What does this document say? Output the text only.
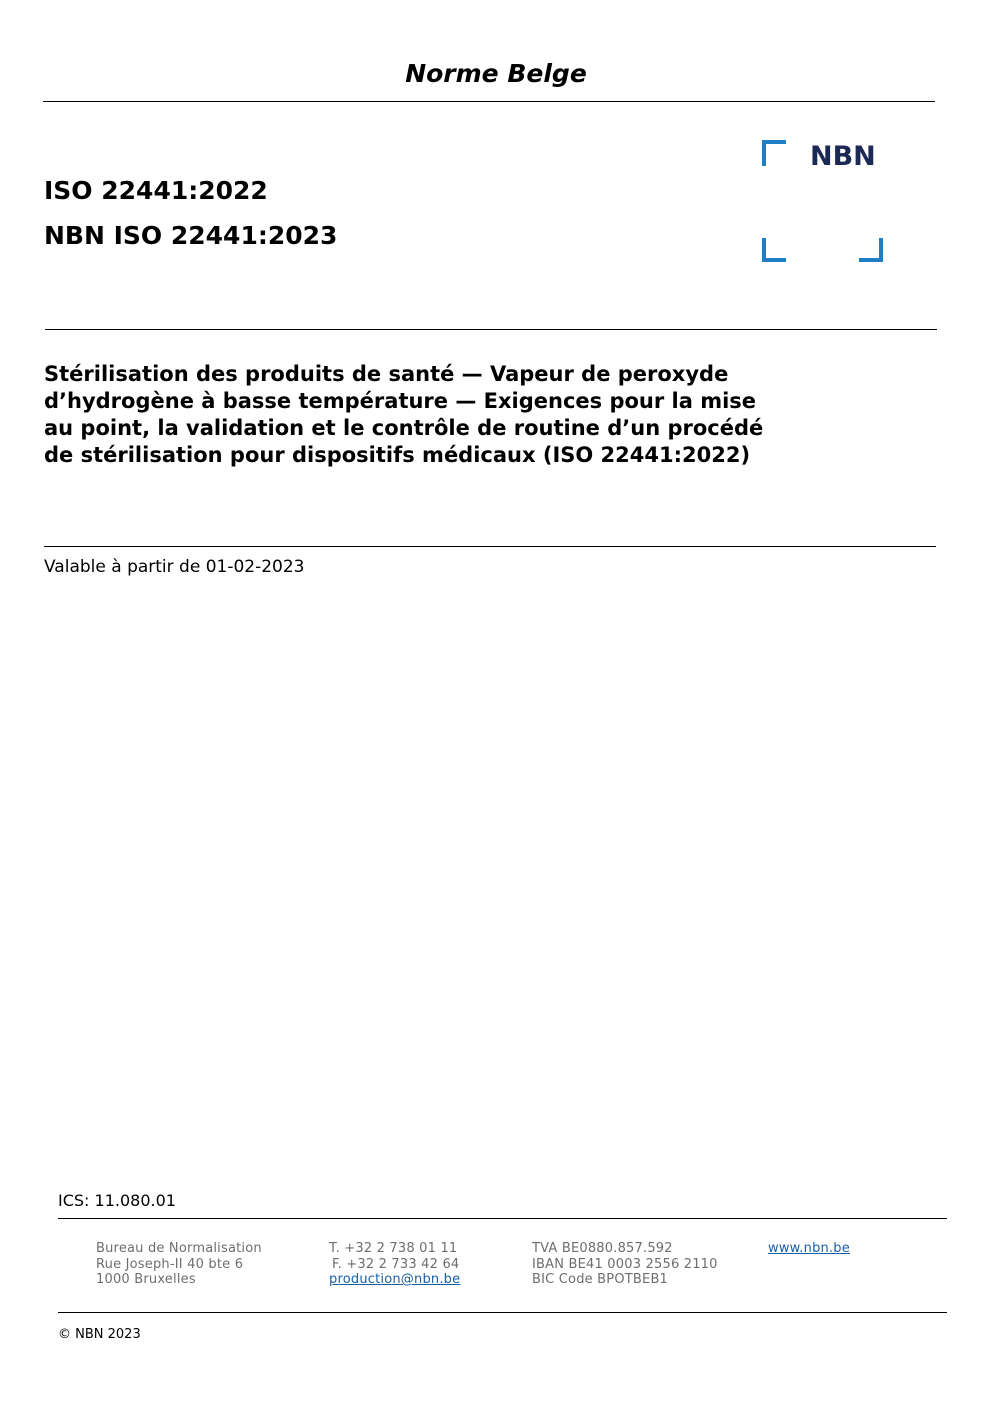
Norme Belge
ISO 22441:2022
NBN ISO 22441:2023
NBN
Stérilisation des produits de santé — Vapeur de peroxyde
d’hydrogène à basse température — Exigences pour la mise
au point, la validation et le contrôle de routine d’un procédé
de stérilisation pour dispositifs médicaux (ISO 22441:2022)
Valable à partir de 01-02-2023
ICS: 11.080.01
Bureau de Normalisation
Rue Joseph-II 40 bte 6
1000 Bruxelles
T. +32 2 738 01 11
F. +32 2 733 42 64
production@nbn.be
TVA BE0880.857.592
IBAN BE41 0003 2556 2110
BIC Code BPOTBEB1
www.nbn.be
© NBN 2023
